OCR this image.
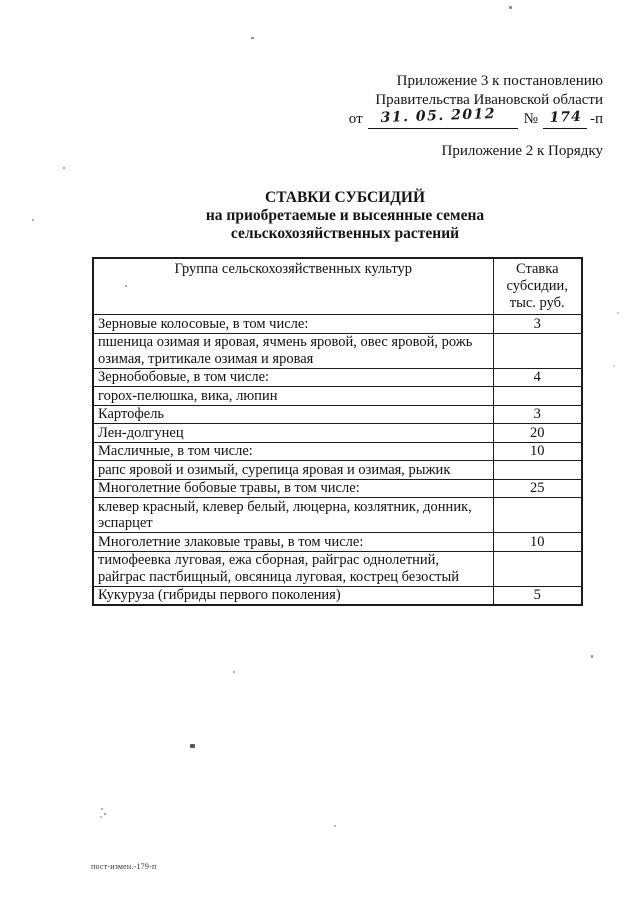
Приложение 3 к постановлению
Правительства Ивановской области
от 31. 05. 2012 № 174 -п
Приложение 2 к Порядку
СТАВКИ СУБСИДИЙ
на приобретаемые и высеянные семена
сельскохозяйственных растений
Группа сельскохозяйственных культур	Ставка субсидии, тыс. руб.
Зерновые колосовые, в том числе:	3
пшеница озимая и яровая, ячмень яровой, овес яровой, рожь озимая, тритикале озимая и яровая	
Зернобобовые, в том числе:	4
горох-пелюшка, вика, люпин	
Картофель	3
Лен-долгунец	20
Масличные, в том числе:	10
рапс яровой и озимый, сурепица яровая и озимая, рыжик	
Многолетние бобовые травы, в том числе:	25
клевер красный, клевер белый, люцерна, козлятник, донник, эспарцет	
Многолетние злаковые травы, в том числе:	10
тимофеевка луговая, ежа сборная, райграс однолетний, райграс пастбищный, овсяница луговая, кострец безостый	
Кукуруза (гибриды первого поколения)	5
пост-измен.-179-п
